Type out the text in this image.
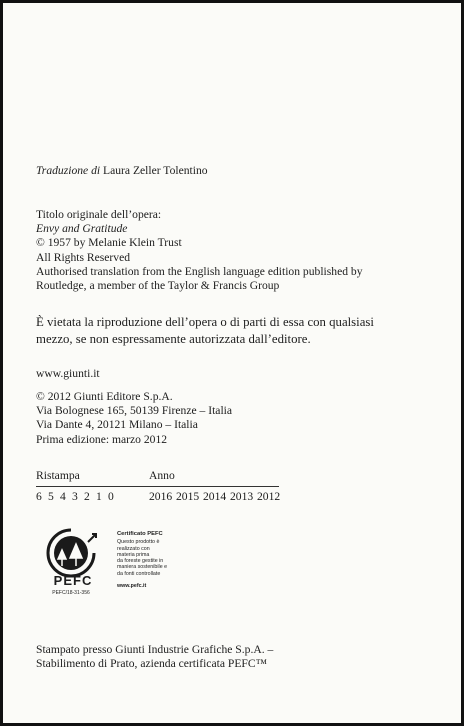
Traduzione di Laura Zeller Tolentino
Titolo originale dell’opera:
Envy and Gratitude
© 1957 by Melanie Klein Trust
All Rights Reserved
Authorised translation from the English language edition published by
Routledge, a member of the Taylor & Francis Group
È vietata la riproduzione dell’opera o di parti di essa con qualsiasi
mezzo, se non espressamente autorizzata dall’editore.
www.giunti.it
© 2012 Giunti Editore S.p.A.
Via Bolognese 165, 50139 Firenze – Italia
Via Dante 4, 20121 Milano – Italia
Prima edizione: marzo 2012
Ristampa	Anno
6 5 4 3 2 1 0	2016 2015 2014 2013 2012
PEFC
PEFC/18-31-356
Certificato PEFC
Questo prodotto è
realizzato con
materia prima
da foreste gestite in
maniera sostenibile e
da fonti controllate
www.pefc.it
Stampato presso Giunti Industrie Grafiche S.p.A. –
Stabilimento di Prato, azienda certificata PEFC™
